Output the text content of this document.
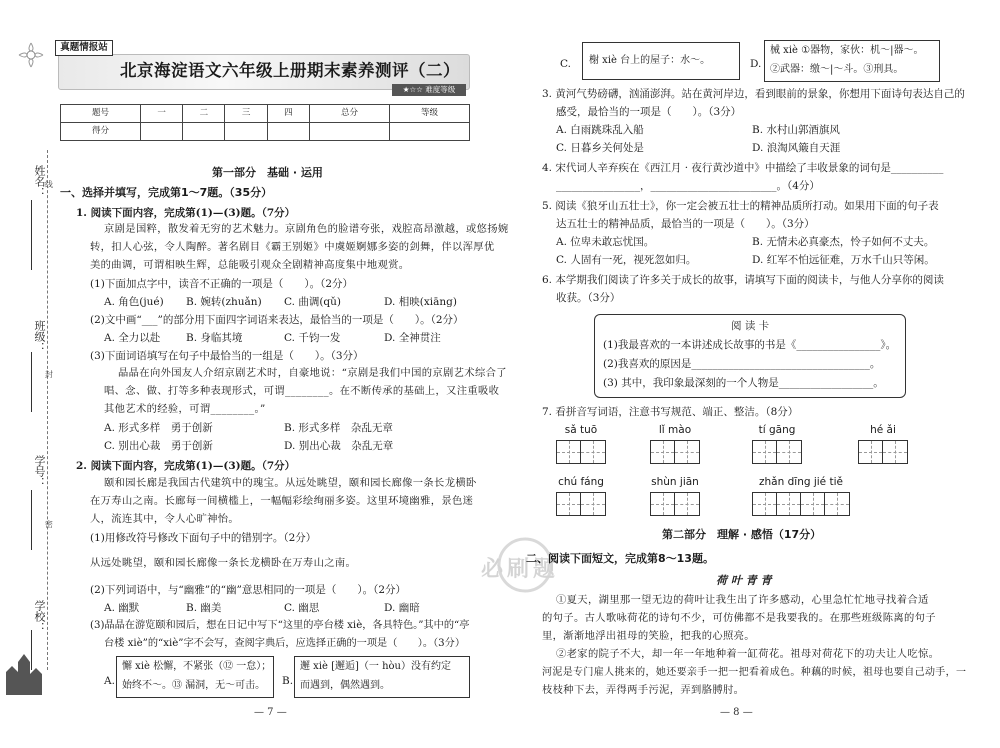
姓名：
线
班级：
封
学号：
密
学校：
真题情报站
北京海淀语文六年级上册期末素养测评（二）
★☆☆ 难度等级
题号	一	二	三	四	总分	等级
得分						
第一部分　基础 · 运用
一、选择并填写，完成第1～7题。（35分）
1. 阅读下面内容，完成第(1)—(3)题。（7分）
京剧是国粹，散发着无穷的艺术魅力。京剧角色的脸谱夸张，戏腔高昂激越，或悠扬婉
转，扣人心弦，令人陶醉。著名剧目《霸王别姬》中虞姬婀娜多姿的剑舞，伴以浑厚优
美的曲调，可谓相映生辉，总能吸引观众全剧精神高度集中地观赏。
(1)下面加点字中，读音不正确的一项是（　　）。（2分）
A. 角色(jué) B. 婉转(zhuǎn) C. 曲调(qǔ)	D. 相映(xiāng)
(2)文中画“___”的部分用下面四字词语来表达，最恰当的一项是（　　）。（2分）
A. 全力以赴 B. 身临其境	C. 千钧一发	D. 全神贯注
(3)下面词语填写在句子中最恰当的一组是（　　）。（3分）
晶晶在向外国友人介绍京剧艺术时，自豪地说：“京剧是我们中国的京剧艺术综合了
唱、念、做、打等多种表现形式，可谓________。在不断传承的基础上，又注重吸收
其他艺术的经验，可谓________。”
A. 形式多样　勇于创新	B. 形式多样　杂乱无章
C. 别出心裁　勇于创新	D. 别出心裁　杂乱无章
2. 阅读下面内容，完成第(1)—(3)题。（7分）
颐和园长廊是我国古代建筑中的瑰宝。从远处眺望，颐和园长廊像一条长龙横卧
在万寿山之南。长廊每一间横槛上，一幅幅彩绘绚丽多姿。这里环境幽雅，景色迷
人，流连其中，令人心旷神怡。
(1)用修改符号修改下面句子中的错别字。（2分）
从远处眺望，颐和园长廊像一条长龙横卧在万寿山之南。
(2)下列词语中，与“幽雅”的“幽”意思相同的一项是（　　）。（2分）
A. 幽默	B. 幽美	C. 幽思	D. 幽暗
(3)晶晶在游览颐和园后，想在日记中写下“这里的亭台楼 xiè，各具特色。”其中的“亭
台楼 xiè”的“xiè”字不会写，查阅字典后，应选择正确的一项是（　　）。（3分）
A.
懈 xiè 松懈，不紧张（⑫ 一怠）；
始终不～。⑬ 漏洞，无～可击。 B.
邂 xiè [邂逅]（一 hòu）没有约定
而遇到，偶然遇到。
— 7 —
C. 榭 xiè 台上的屋子：水～。	D.
械 xiè ①器物，家伙：机～|器～。
②武器：缴～|～斗。③刑具。
3. 黄河气势磅礴，汹涌澎湃。站在黄河岸边，看到眼前的景象，你想用下面诗句表达自己的
感受，最恰当的一项是（　　）。（3分）
A. 白雨跳珠乱入船	B. 水村山郭酒旗风
C. 日暮乡关何处是	D. 浪淘风簸自天涯
4. 宋代词人辛弃疾在《西江月 · 夜行黄沙道中》中描绘了丰收景象的词句是__________
________________，________________________。（4分）
5. 阅读《狼牙山五壮士》，你一定会被五壮士的精神品质所打动。如果用下面的句子表
达五壮士的精神品质，最恰当的一项是（　　）。（3分）
A. 位卑未敢忘忧国。	B. 无情未必真豪杰，怜子如何不丈夫。
C. 人固有一死，视死忽如归。	D. 红军不怕远征难，万水千山只等闲。
6. 本学期我们阅读了许多关于成长的故事，请填写下面的阅读卡，与他人分享你的阅读
收获。（3分）
阅 读 卡
(1)我最喜欢的一本讲述成长故事的书是《________________》。
(2)我喜欢的原因是__________________________________。
(3) 其中，我印象最深刻的一个人物是__________________。
7. 看拼音写词语，注意书写规范、端正、整洁。（8分）
sǎ tuō	lǐ mào	tí gāng	hé ǎi
chú fáng	shùn jiān	zhǎn dīng jié tiě
第二部分　理解 · 感悟（17分）
二、阅读下面短文，完成第8～13题。
荷 叶 青 青
①夏天，湖里那一望无边的荷叶让我生出了许多感动，心里急忙忙地寻找着合适
的句子。古人歌咏荷花的诗句不少，可仿佛都不是我要我的。在那些班级陈离的句子
里，渐渐地浮出祖母的笑脸，把我的心照亮。
②老家的院子不大，却一年一年地种着一缸荷花。祖母对荷花下的功夫让人吃惊。
河泥是专门雇人挑来的，她还要亲手一把一把看着成色。种藕的时候，祖母也要自己动手，一
枝枝种下去，弄得两手污泥，弄到胳膊肘。
— 8 —
必刷题
